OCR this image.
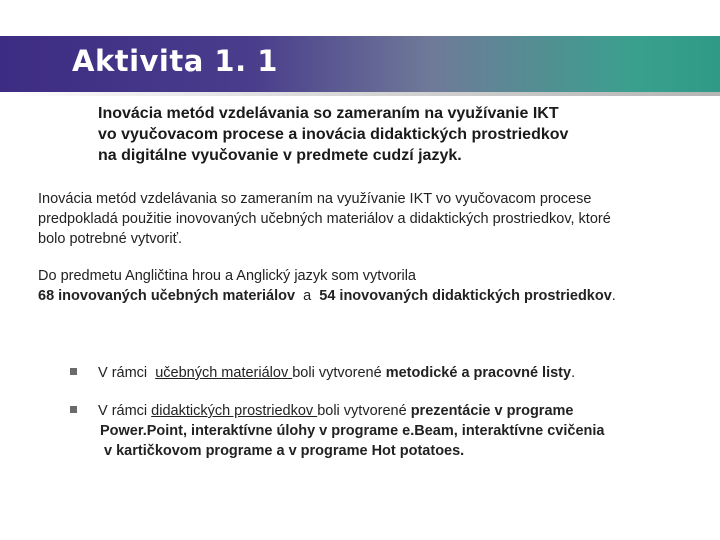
Aktivita 1. 1
Inovácia metód vzdelávania so zameraním na využívanie IKT
vo vyučovacom procese a inovácia didaktických prostriedkov
na digitálne vyučovanie v predmete cudzí jazyk.
Inovácia metód vzdelávania so zameraním na využívanie IKT vo vyučovacom procese
predpokladá použitie inovovaných učebných materiálov a didaktických prostriedkov, ktoré
bolo potrebné vytvoriť.
Do predmetu Angličtina hrou a Anglický jazyk som vytvorila
68 inovovaných učebných materiálov  a  54 inovovaných didaktických prostriedkov.
V rámci  učebných materiálov boli vytvorené metodické a pracovné listy.
V rámci didaktických prostriedkov boli vytvorené prezentácie v programe
Power.Point, interaktívne úlohy v programe e.Beam, interaktívne cvičenia
v kartičkovom programe a v programe Hot potatoes.
